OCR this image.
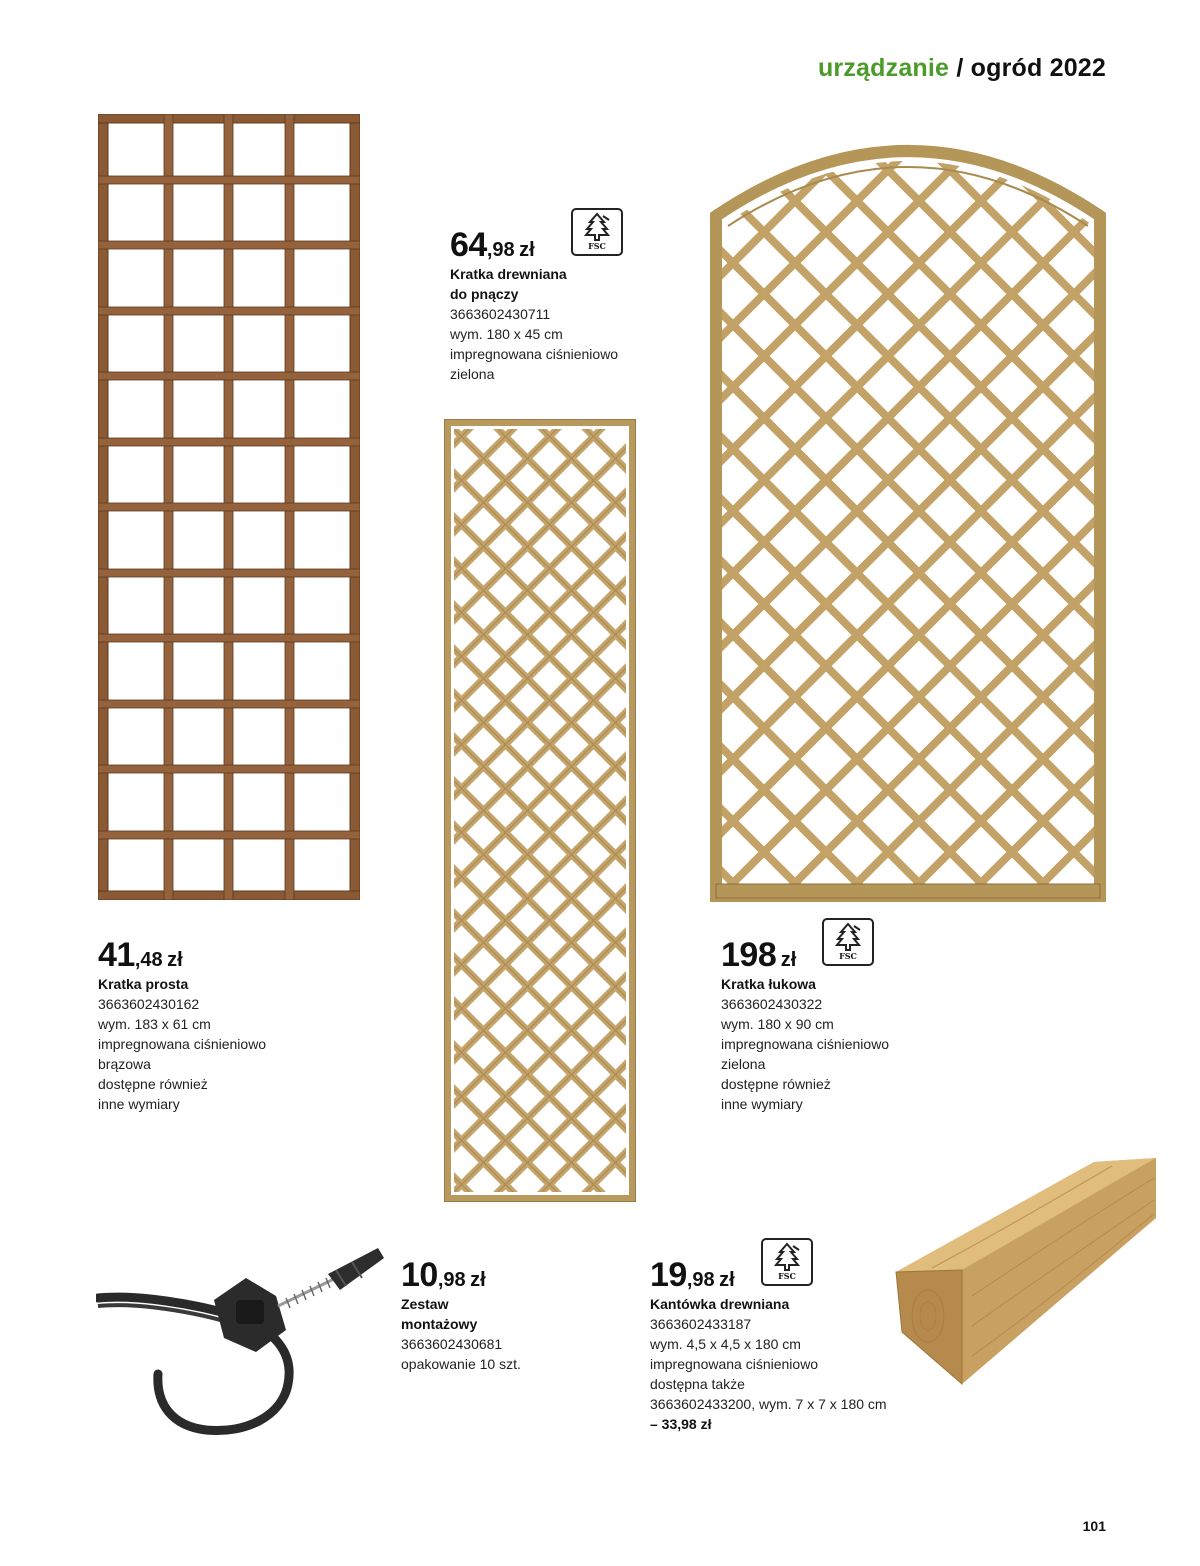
urządzanie / ogród 2022
64,98 zł
Kratka drewniana
do pnączy
3663602430711
wym. 180 x 45 cm
impregnowana ciśnieniowo
zielona
FSC
41,48 zł
Kratka prosta
3663602430162
wym. 183 x 61 cm
impregnowana ciśnieniowo
brązowa
dostępne również
inne wymiary
198 zł
Kratka łukowa
3663602430322
wym. 180 x 90 cm
impregnowana ciśnieniowo
zielona
dostępne również
inne wymiary
FSC
10,98 zł
Zestaw
montażowy
3663602430681
opakowanie 10 szt.
19,98 zł
Kantówka drewniana
3663602433187
wym. 4,5 x 4,5 x 180 cm
impregnowana ciśnieniowo
dostępna także
3663602433200, wym. 7 x 7 x 180 cm
– 33,98 zł
FSC
101
